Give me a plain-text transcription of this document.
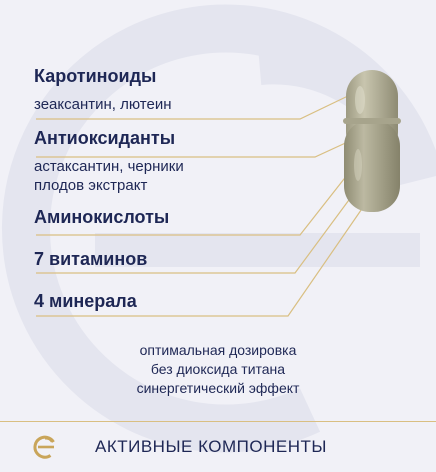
Каротиноиды
зеаксантин, лютеин
Антиоксиданты
астаксантин, черники
плодов экстракт
Аминокислоты
7 витаминов
4 минерала
оптимальная дозировка
без диоксида титана
синергетический эффект
АКТИВНЫЕ КОМПОНЕНТЫ
